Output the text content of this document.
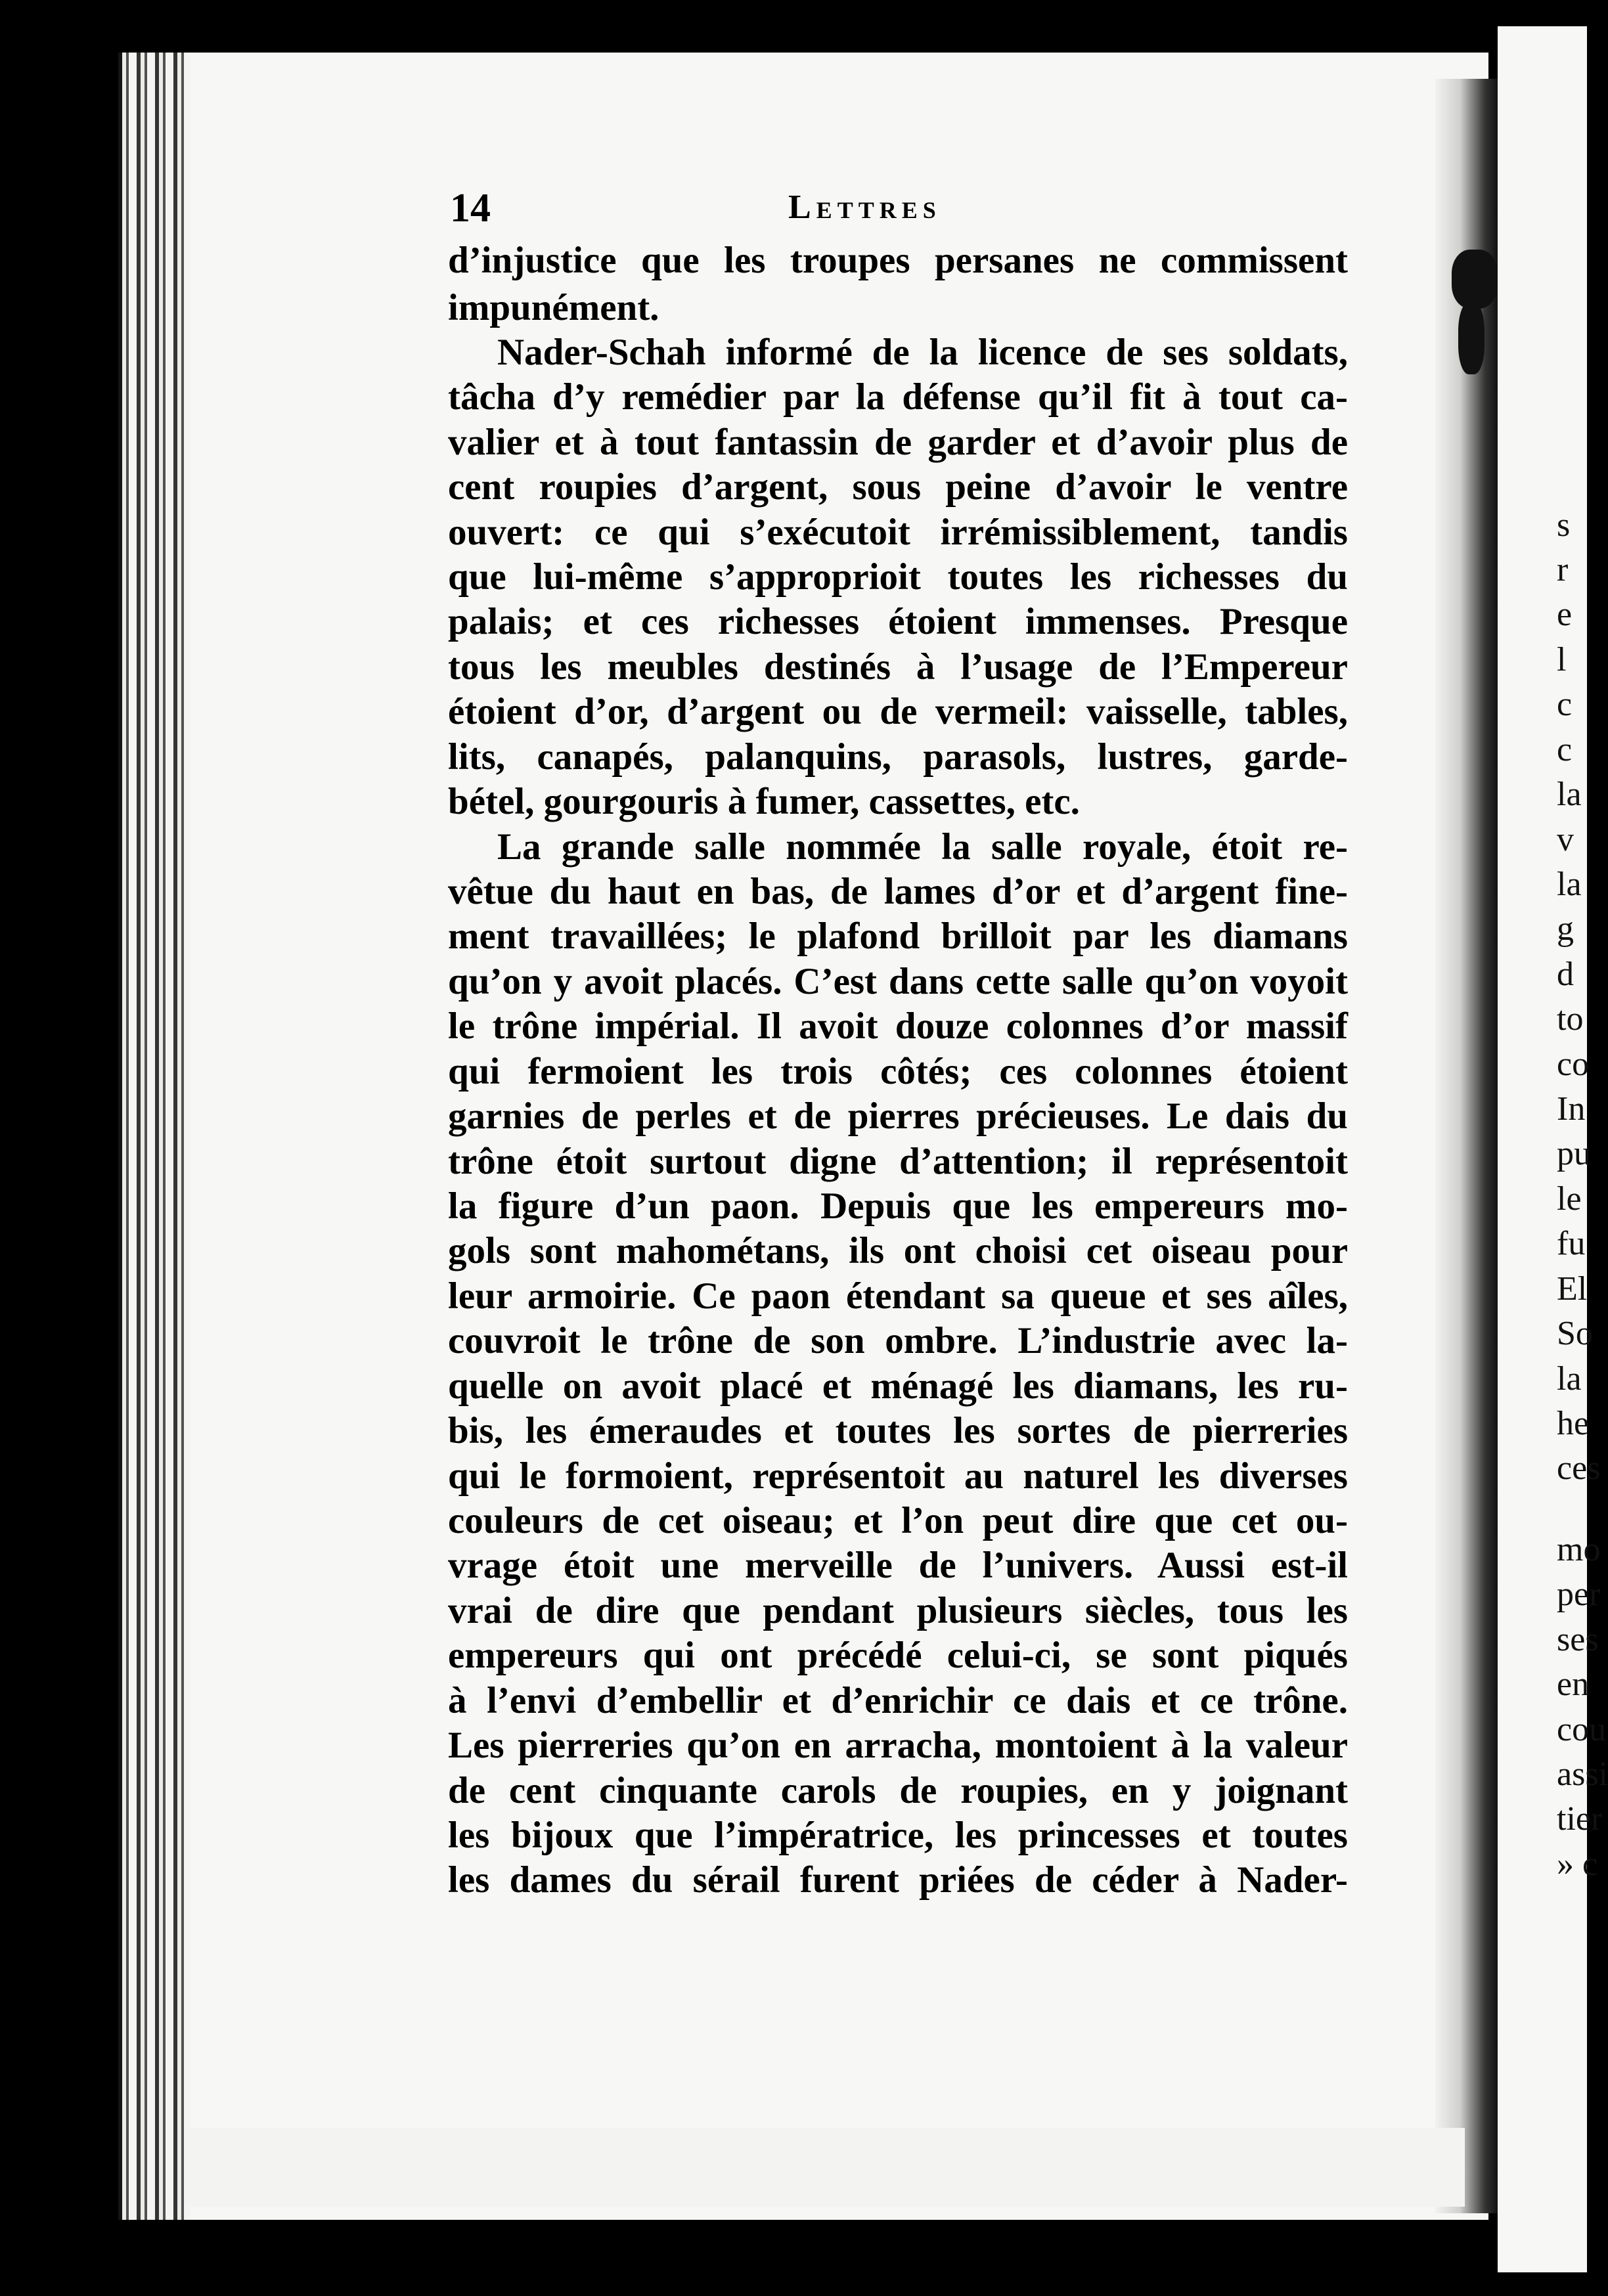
14	Lettres
d’injustice que les troupes persanes ne commissent
impunément.
Nader-Schah informé de la licence de ses soldats,
tâcha d’y remédier par la défense qu’il fit à tout ca-
valier et à tout fantassin de garder et d’avoir plus de
cent roupies d’argent, sous peine d’avoir le ventre
ouvert: ce qui s’exécutoit irrémissiblement, tandis
que lui-même s’approprioit toutes les richesses du
palais; et ces richesses étoient immenses. Presque
tous les meubles destinés à l’usage de l’Empereur
étoient d’or, d’argent ou de vermeil: vaisselle, tables,
lits, canapés, palanquins, parasols, lustres, garde-
bétel, gourgouris à fumer, cassettes, etc.
La grande salle nommée la salle royale, étoit re-
vêtue du haut en bas, de lames d’or et d’argent fine-
ment travaillées; le plafond brilloit par les diamans
qu’on y avoit placés. C’est dans cette salle qu’on voyoit
le trône impérial. Il avoit douze colonnes d’or massif
qui fermoient les trois côtés; ces colonnes étoient
garnies de perles et de pierres précieuses. Le dais du
trône étoit surtout digne d’attention; il représentoit
la figure d’un paon. Depuis que les empereurs mo-
gols sont mahométans, ils ont choisi cet oiseau pour
leur armoirie. Ce paon étendant sa queue et ses aîles,
couvroit le trône de son ombre. L’industrie avec la-
quelle on avoit placé et ménagé les diamans, les ru-
bis, les émeraudes et toutes les sortes de pierreries
qui le formoient, représentoit au naturel les diverses
couleurs de cet oiseau; et l’on peut dire que cet ou-
vrage étoit une merveille de l’univers. Aussi est-il
vrai de dire que pendant plusieurs siècles, tous les
empereurs qui ont précédé celui-ci, se sont piqués
à l’envi d’embellir et d’enrichir ce dais et ce trône.
Les pierreries qu’on en arracha, montoient à la valeur
de cent cinquante carols de roupies, en y joignant
les bijoux que l’impératrice, les princesses et toutes
les dames du sérail furent priées de céder à Nader-
s
r
e
l
c
c
la
v
la
g
d
to
co
In
pu
le
fu
El
So
la
he
ces
mo
per
ses
en
cou
assi
tier
» c
